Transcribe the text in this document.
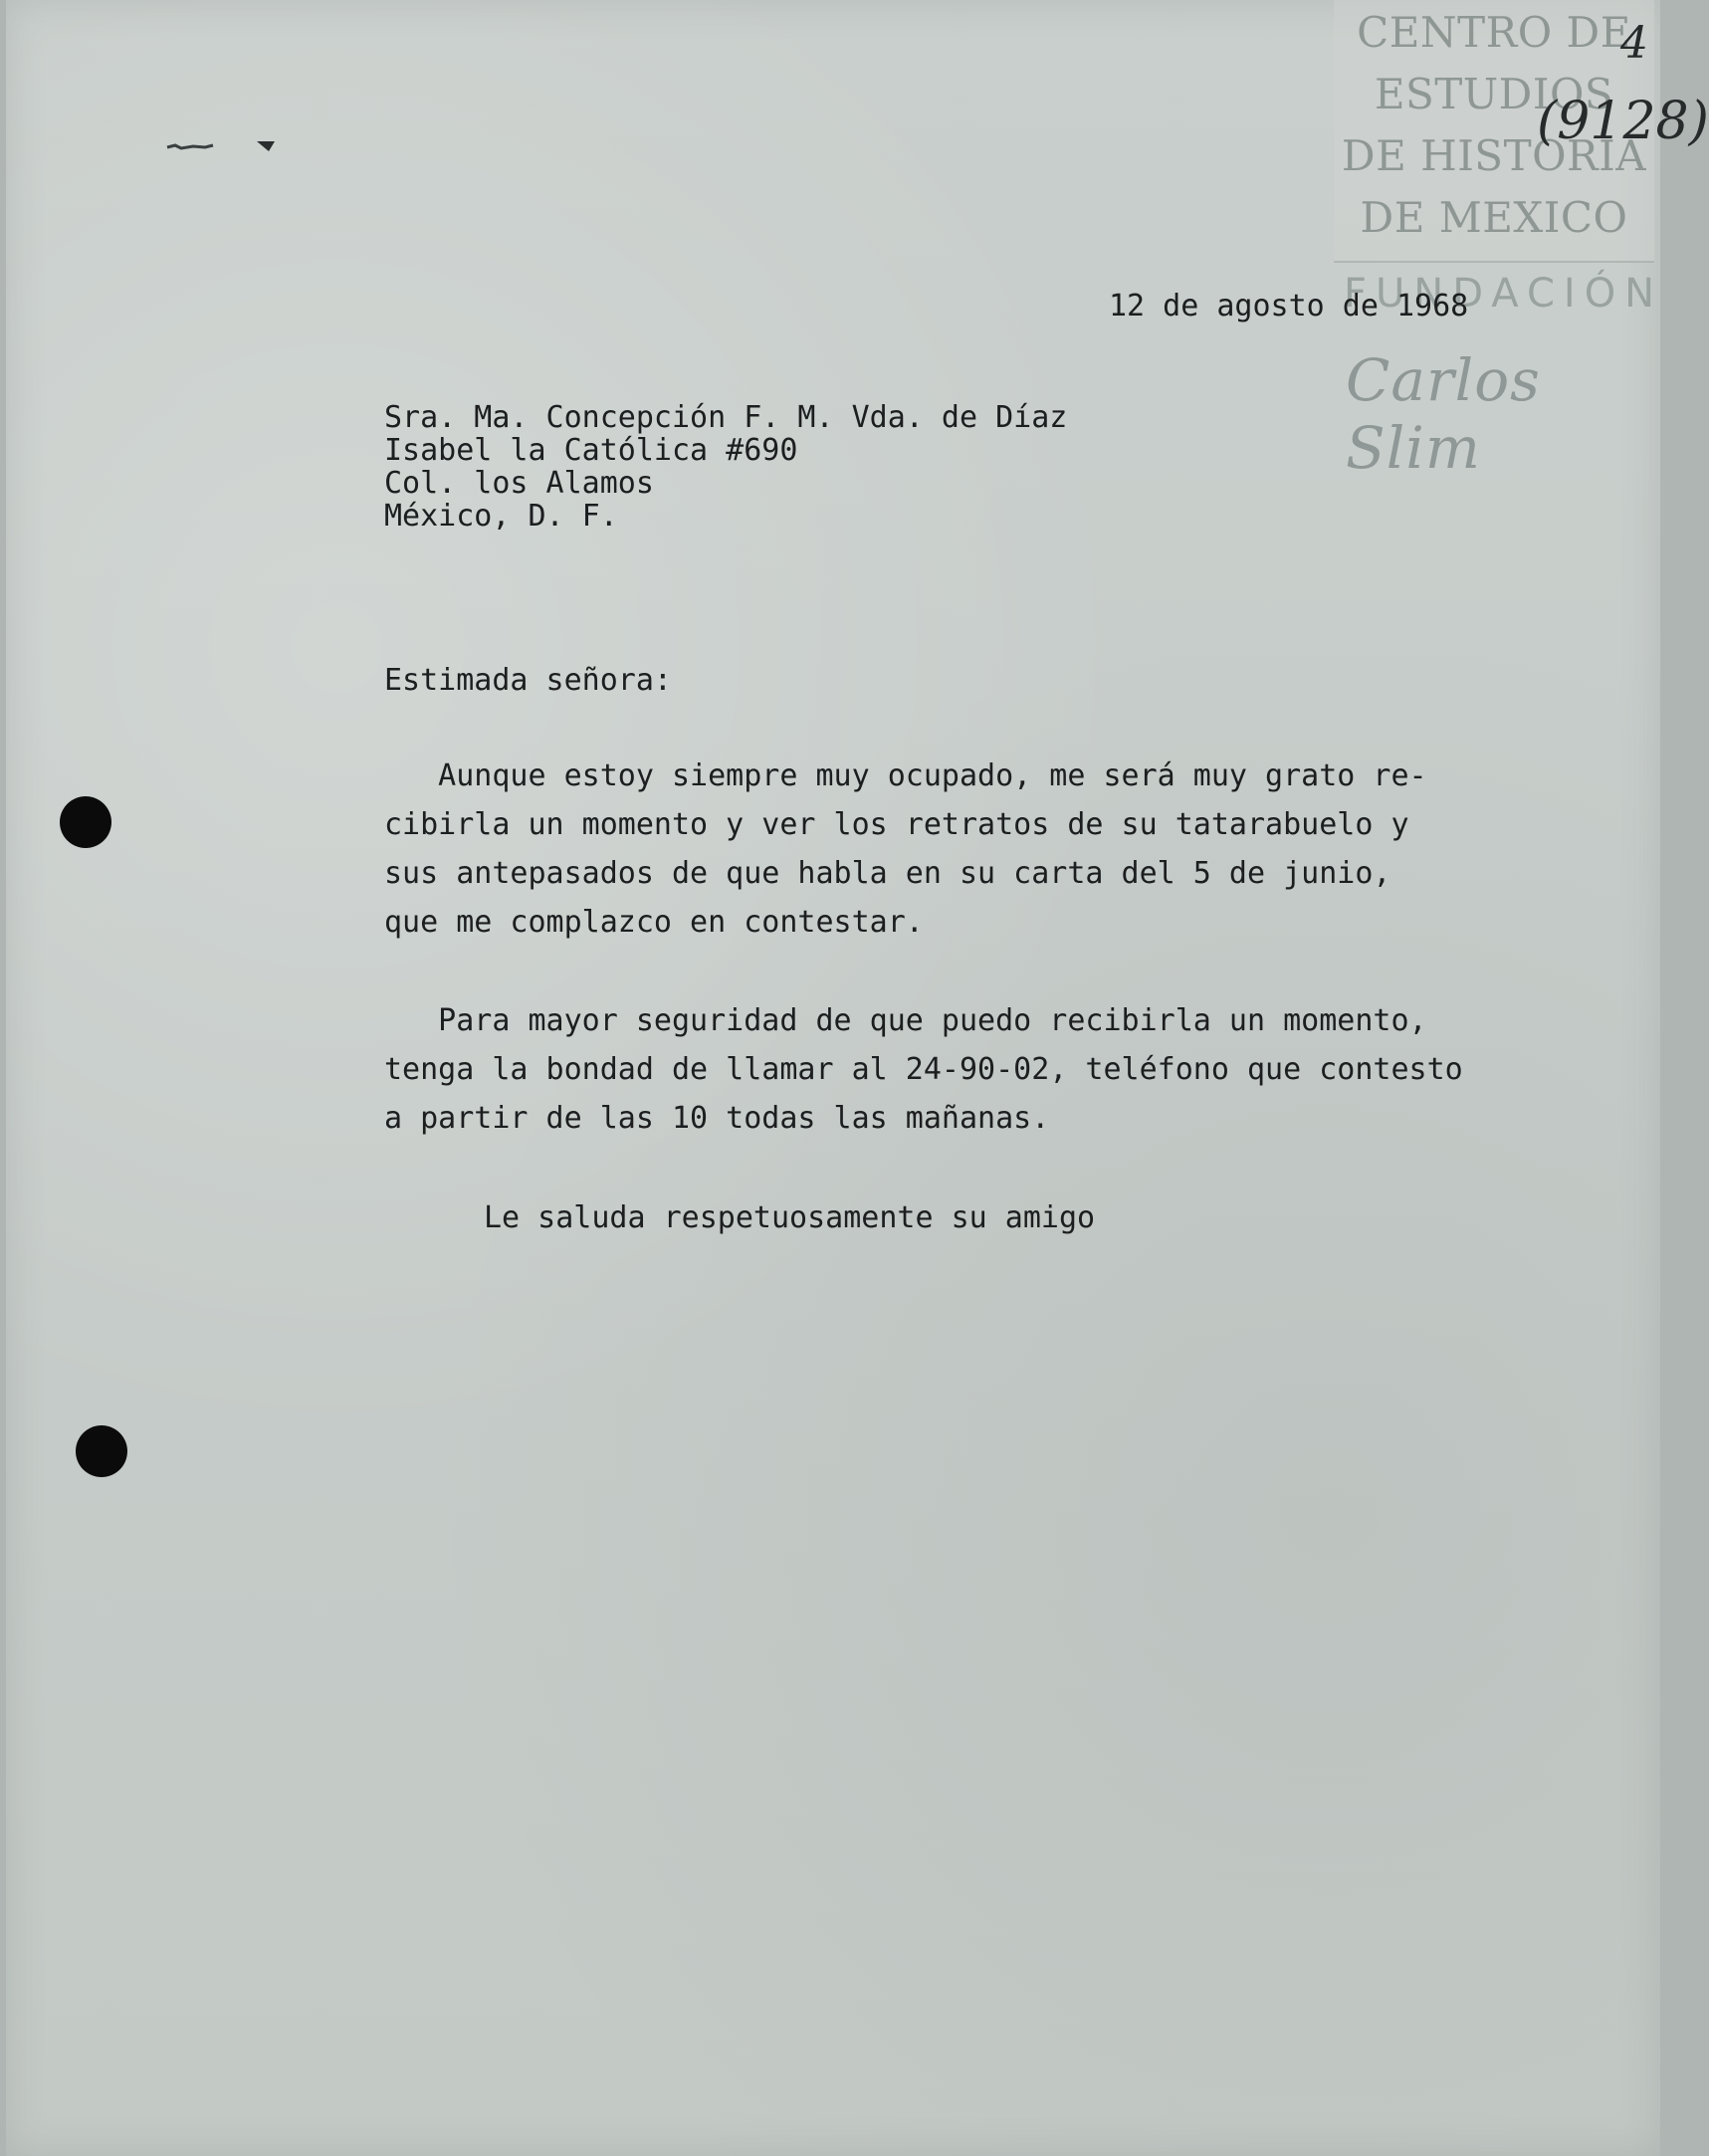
CENTRO DE
ESTUDIOS
DE HISTORIA
DE MEXICO
FUNDACIÓN
Carlos Slim
(9128)
4
12 de agosto de 1968
Sra. Ma. Concepción F. M. Vda. de Díaz
Isabel la Católica #690
Col. los Alamos
México, D. F.
Estimada señora:
Aunque estoy siempre muy ocupado, me será muy grato re-
cibirla un momento y ver los retratos de su tatarabuelo y
sus antepasados de que habla en su carta del 5 de junio,
que me complazco en contestar.
Para mayor seguridad de que puedo recibirla un momento,
tenga la bondad de llamar al 24-90-02, teléfono que contesto
a partir de las 10 todas las mañanas.
Le saluda respetuosamente su amigo
